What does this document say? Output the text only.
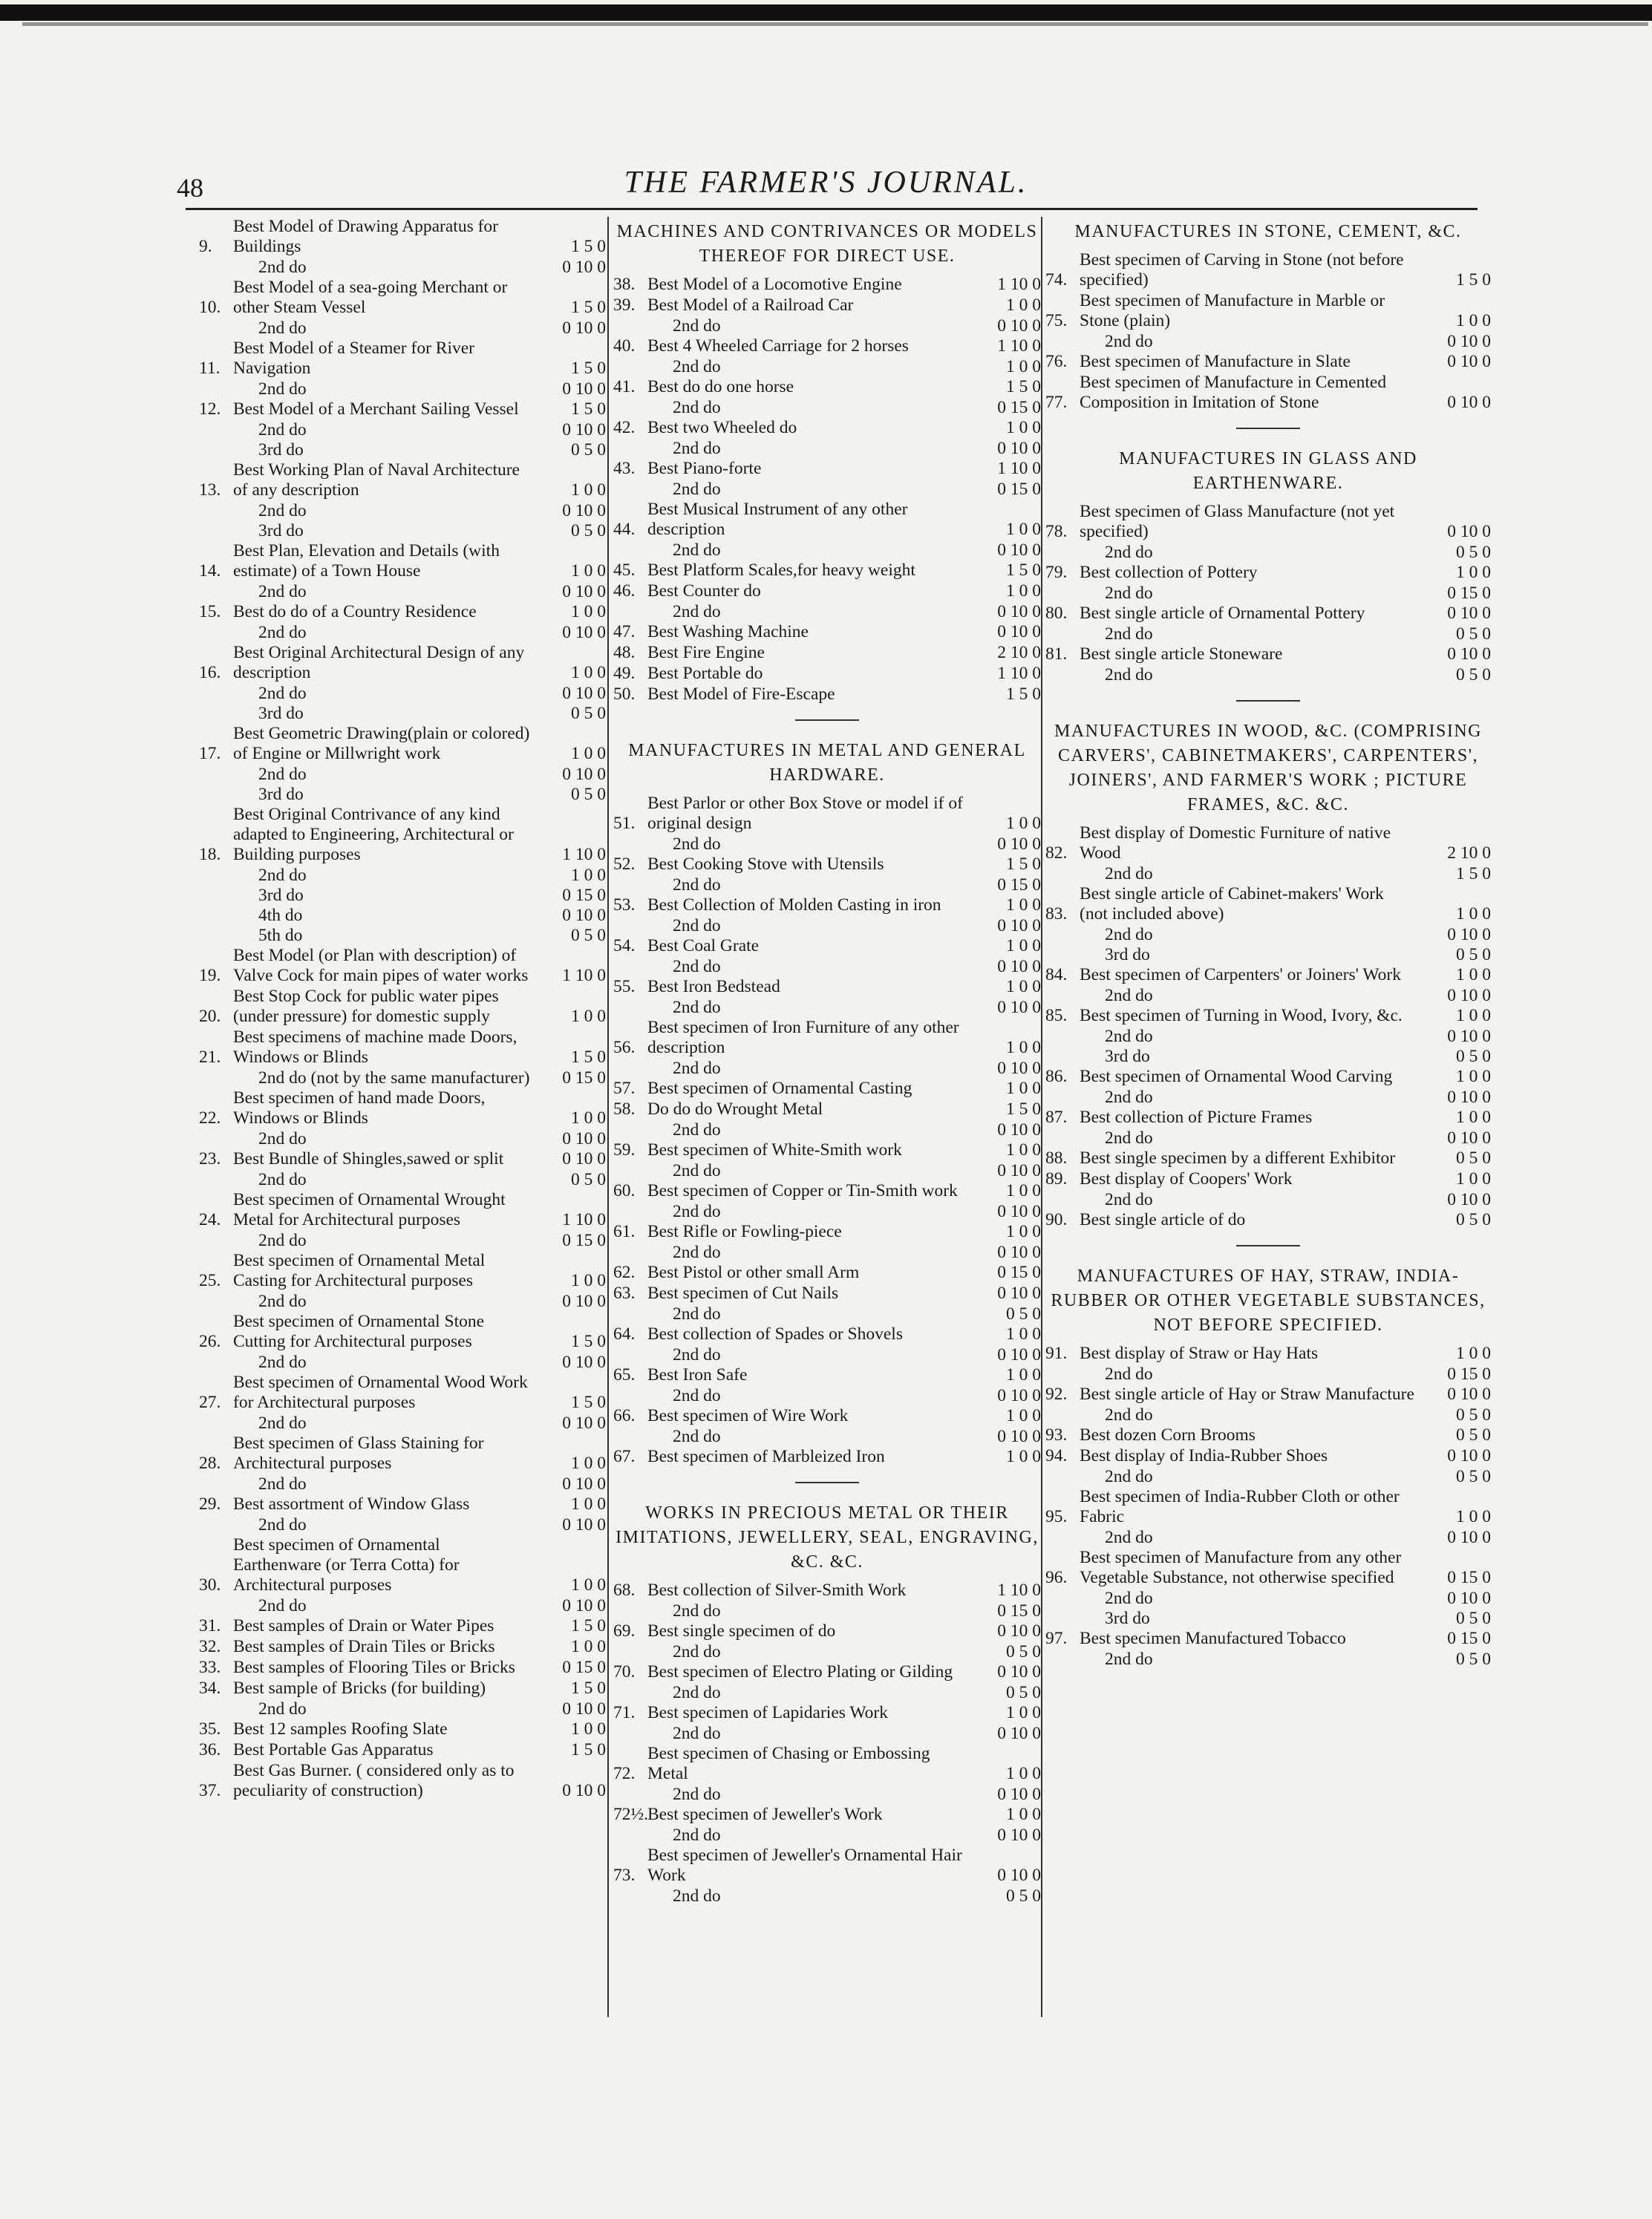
48	THE FARMER'S JOURNAL.
9.
Best Model of Drawing Apparatus for Buildings	1 5 0
2nd do	0 10 0
10.
Best Model of a sea-going Merchant or other Steam Vessel	1 5 0
2nd do	0 10 0
11.
Best Model of a Steamer for River Navigation	1 5 0
2nd do	0 10 0
12. Best Model of a Merchant Sailing Vessel	1 5 0
2nd do	0 10 0
3rd do	0 5 0
13.
Best Working Plan of Naval Architecture of any description	1 0 0
2nd do	0 10 0
3rd do	0 5 0
14.
Best Plan, Elevation and Details (with estimate) of a Town House	1 0 0
2nd do	0 10 0
15. Best do do of a Country Residence	1 0 0
2nd do	0 10 0
16.
Best Original Architectural Design of any description	1 0 0
2nd do	0 10 0
3rd do	0 5 0
17.
Best Geometric Drawing(plain or colored) of Engine or Millwright work	1 0 0
2nd do	0 10 0
3rd do	0 5 0
18.
Best Original Contrivance of any kind adapted to Engineering, Architectural or Building purposes	1 10 0
2nd do	1 0 0
3rd do	0 15 0
4th do	0 10 0
5th do	0 5 0
19.
Best Model (or Plan with description) of Valve Cock for main pipes of water works	1 10 0
20.
Best Stop Cock for public water pipes (under pressure) for domestic supply	1 0 0
21.
Best specimens of machine made Doors, Windows or Blinds	1 5 0
2nd do (not by the same manufacturer)	0 15 0
22.
Best specimen of hand made Doors, Windows or Blinds	1 0 0
2nd do	0 10 0
23. Best Bundle of Shingles,sawed or split	0 10 0
2nd do	0 5 0
24.
Best specimen of Ornamental Wrought Metal for Architectural purposes	1 10 0
2nd do	0 15 0
25.
Best specimen of Ornamental Metal Casting for Architectural purposes	1 0 0
2nd do	0 10 0
26.
Best specimen of Ornamental Stone Cutting for Architectural purposes	1 5 0
2nd do	0 10 0
27.
Best specimen of Ornamental Wood Work for Architectural purposes	1 5 0
2nd do	0 10 0
28.
Best specimen of Glass Staining for Architectural purposes	1 0 0
2nd do	0 10 0
29. Best assortment of Window Glass	1 0 0
2nd do	0 10 0
30.
Best specimen of Ornamental Earthenware (or Terra Cotta) for Architectural purposes	1 0 0
2nd do	0 10 0
31. Best samples of Drain or Water Pipes	1 5 0
32. Best samples of Drain Tiles or Bricks	1 0 0
33. Best samples of Flooring Tiles or Bricks	0 15 0
34. Best sample of Bricks (for building)	1 5 0
2nd do	0 10 0
35. Best 12 samples Roofing Slate	1 0 0
36. Best Portable Gas Apparatus	1 5 0
37.
Best Gas Burner. ( considered only as to peculiarity of construction)	0 10 0
MACHINES AND CONTRIVANCES OR MODELS THEREOF FOR DIRECT USE.
38. Best Model of a Locomotive Engine	1 10 0
39. Best Model of a Railroad Car	1 0 0
2nd do	0 10 0
40. Best 4 Wheeled Carriage for 2 horses	1 10 0
2nd do	1 0 0
41. Best do do one horse	1 5 0
2nd do	0 15 0
42. Best two Wheeled do	1 0 0
2nd do	0 10 0
43. Best Piano-forte	1 10 0
2nd do	0 15 0
44.
Best Musical Instrument of any other description	1 0 0
2nd do	0 10 0
45. Best Platform Scales,for heavy weight	1 5 0
46. Best Counter do	1 0 0
2nd do	0 10 0
47. Best Washing Machine	0 10 0
48. Best Fire Engine	2 10 0
49. Best Portable do	1 10 0
50. Best Model of Fire-Escape	1 5 0
MANUFACTURES IN METAL AND GENERAL HARDWARE.
51.
Best Parlor or other Box Stove or model if of original design	1 0 0
2nd do	0 10 0
52. Best Cooking Stove with Utensils	1 5 0
2nd do	0 15 0
53. Best Collection of Molden Casting in iron	1 0 0
2nd do	0 10 0
54. Best Coal Grate	1 0 0
2nd do	0 10 0
55. Best Iron Bedstead	1 0 0
2nd do	0 10 0
56.
Best specimen of Iron Furniture of any other description	1 0 0
2nd do	0 10 0
57. Best specimen of Ornamental Casting	1 0 0
58. Do do do Wrought Metal	1 5 0
2nd do	0 10 0
59. Best specimen of White-Smith work	1 0 0
2nd do	0 10 0
60. Best specimen of Copper or Tin-Smith work	1 0 0
2nd do	0 10 0
61. Best Rifle or Fowling-piece	1 0 0
2nd do	0 10 0
62. Best Pistol or other small Arm	0 15 0
63. Best specimen of Cut Nails	0 10 0
2nd do	0 5 0
64. Best collection of Spades or Shovels	1 0 0
2nd do	0 10 0
65. Best Iron Safe	1 0 0
2nd do	0 10 0
66. Best specimen of Wire Work	1 0 0
2nd do	0 10 0
67. Best specimen of Marbleized Iron	1 0 0
WORKS IN PRECIOUS METAL OR THEIR IMITATIONS, JEWELLERY, SEAL, ENGRAVING, &C. &C.
68. Best collection of Silver-Smith Work	1 10 0
2nd do	0 15 0
69. Best single specimen of do	0 10 0
2nd do	0 5 0
70. Best specimen of Electro Plating or Gilding	0 10 0
2nd do	0 5 0
71. Best specimen of Lapidaries Work	1 0 0
2nd do	0 10 0
72.
Best specimen of Chasing or Embossing Metal	1 0 0
2nd do	0 10 0
72½. Best specimen of Jeweller's Work	1 0 0
2nd do	0 10 0
73.
Best specimen of Jeweller's Ornamental Hair Work	0 10 0
2nd do	0 5 0
MANUFACTURES IN STONE, CEMENT, &C.
74.
Best specimen of Carving in Stone (not before specified)	1 5 0
75.
Best specimen of Manufacture in Marble or Stone (plain)	1 0 0
2nd do	0 10 0
76. Best specimen of Manufacture in Slate	0 10 0
77.
Best specimen of Manufacture in Cemented Composition in Imitation of Stone	0 10 0
MANUFACTURES IN GLASS AND EARTHENWARE.
78.
Best specimen of Glass Manufacture (not yet specified)	0 10 0
2nd do	0 5 0
79. Best collection of Pottery	1 0 0
2nd do	0 15 0
80. Best single article of Ornamental Pottery	0 10 0
2nd do	0 5 0
81. Best single article Stoneware	0 10 0
2nd do	0 5 0
MANUFACTURES IN WOOD, &C. (COMPRISING CARVERS', CABINETMAKERS', CARPENTERS', JOINERS', AND FARMER'S WORK ; PICTURE FRAMES, &C. &C.
82.
Best display of Domestic Furniture of native Wood	2 10 0
2nd do	1 5 0
83.
Best single article of Cabinet-makers' Work (not included above)	1 0 0
2nd do	0 10 0
3rd do	0 5 0
84. Best specimen of Carpenters' or Joiners' Work	1 0 0
2nd do	0 10 0
85. Best specimen of Turning in Wood, Ivory, &c.	1 0 0
2nd do	0 10 0
3rd do	0 5 0
86. Best specimen of Ornamental Wood Carving	1 0 0
2nd do	0 10 0
87. Best collection of Picture Frames	1 0 0
2nd do	0 10 0
88. Best single specimen by a different Exhibitor	0 5 0
89. Best display of Coopers' Work	1 0 0
2nd do	0 10 0
90. Best single article of do	0 5 0
MANUFACTURES OF HAY, STRAW, INDIA-RUBBER OR OTHER VEGETABLE SUBSTANCES, NOT BEFORE SPECIFIED.
91. Best display of Straw or Hay Hats	1 0 0
2nd do	0 15 0
92. Best single article of Hay or Straw Manufacture	0 10 0
2nd do	0 5 0
93. Best dozen Corn Brooms	0 5 0
94. Best display of India-Rubber Shoes	0 10 0
2nd do	0 5 0
95.
Best specimen of India-Rubber Cloth or other Fabric	1 0 0
2nd do	0 10 0
96.
Best specimen of Manufacture from any other Vegetable Substance, not otherwise specified	0 15 0
2nd do	0 10 0
3rd do	0 5 0
97. Best specimen Manufactured Tobacco	0 15 0
2nd do	0 5 0
